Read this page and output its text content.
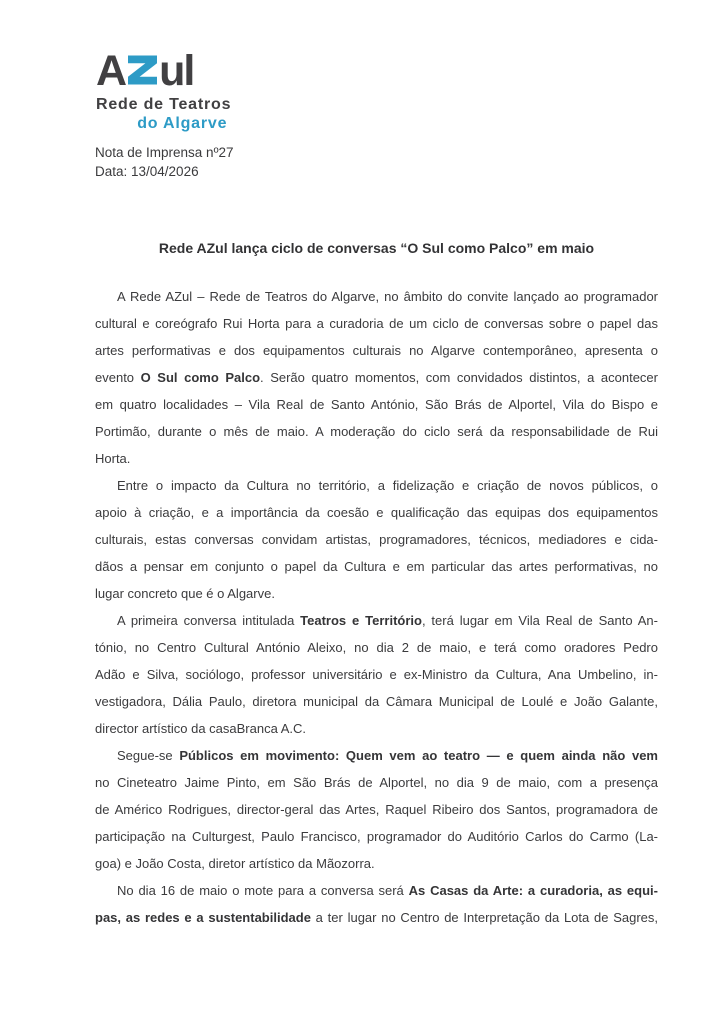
A ul
Rede de Teatros
do Algarve
Nota de Imprensa nº27
Data: 13/04/2026
Rede AZul lança ciclo de conversas “O Sul como Palco” em maio
A Rede AZul – Rede de Teatros do Algarve, no âmbito do convite lançado ao programador
cultural e coreógrafo Rui Horta para a curadoria de um ciclo de conversas sobre o papel das
artes performativas e dos equipamentos culturais no Algarve contemporâneo, apresenta o
evento O Sul como Palco. Serão quatro momentos, com convidados distintos, a acontecer
em quatro localidades – Vila Real de Santo António, São Brás de Alportel, Vila do Bispo e
Portimão, durante o mês de maio. A moderação do ciclo será da responsabilidade de Rui
Horta.
Entre o impacto da Cultura no território, a fidelização e criação de novos públicos, o
apoio à criação, e a importância da coesão e qualificação das equipas dos equipamentos
culturais, estas conversas convidam artistas, programadores, técnicos, mediadores e cida-
dãos a pensar em conjunto o papel da Cultura e em particular das artes performativas, no
lugar concreto que é o Algarve.
A primeira conversa intitulada Teatros e Território, terá lugar em Vila Real de Santo An-
tónio, no Centro Cultural António Aleixo, no dia 2 de maio, e terá como oradores Pedro
Adão e Silva, sociólogo, professor universitário e ex-Ministro da Cultura, Ana Umbelino, in-
vestigadora, Dália Paulo, diretora municipal da Câmara Municipal de Loulé e João Galante,
director artístico da casaBranca A.C.
Segue-se Públicos em movimento: Quem vem ao teatro — e quem ainda não vem
no Cineteatro Jaime Pinto, em São Brás de Alportel, no dia 9 de maio, com a presença
de Américo Rodrigues, director-geral das Artes, Raquel Ribeiro dos Santos, programadora de
participação na Culturgest, Paulo Francisco, programador do Auditório Carlos do Carmo (La-
goa) e João Costa, diretor artístico da Mãozorra.
No dia 16 de maio o mote para a conversa será As Casas da Arte: a curadoria, as equi-
pas, as redes e a sustentabilidade a ter lugar no Centro de Interpretação da Lota de Sagres,
